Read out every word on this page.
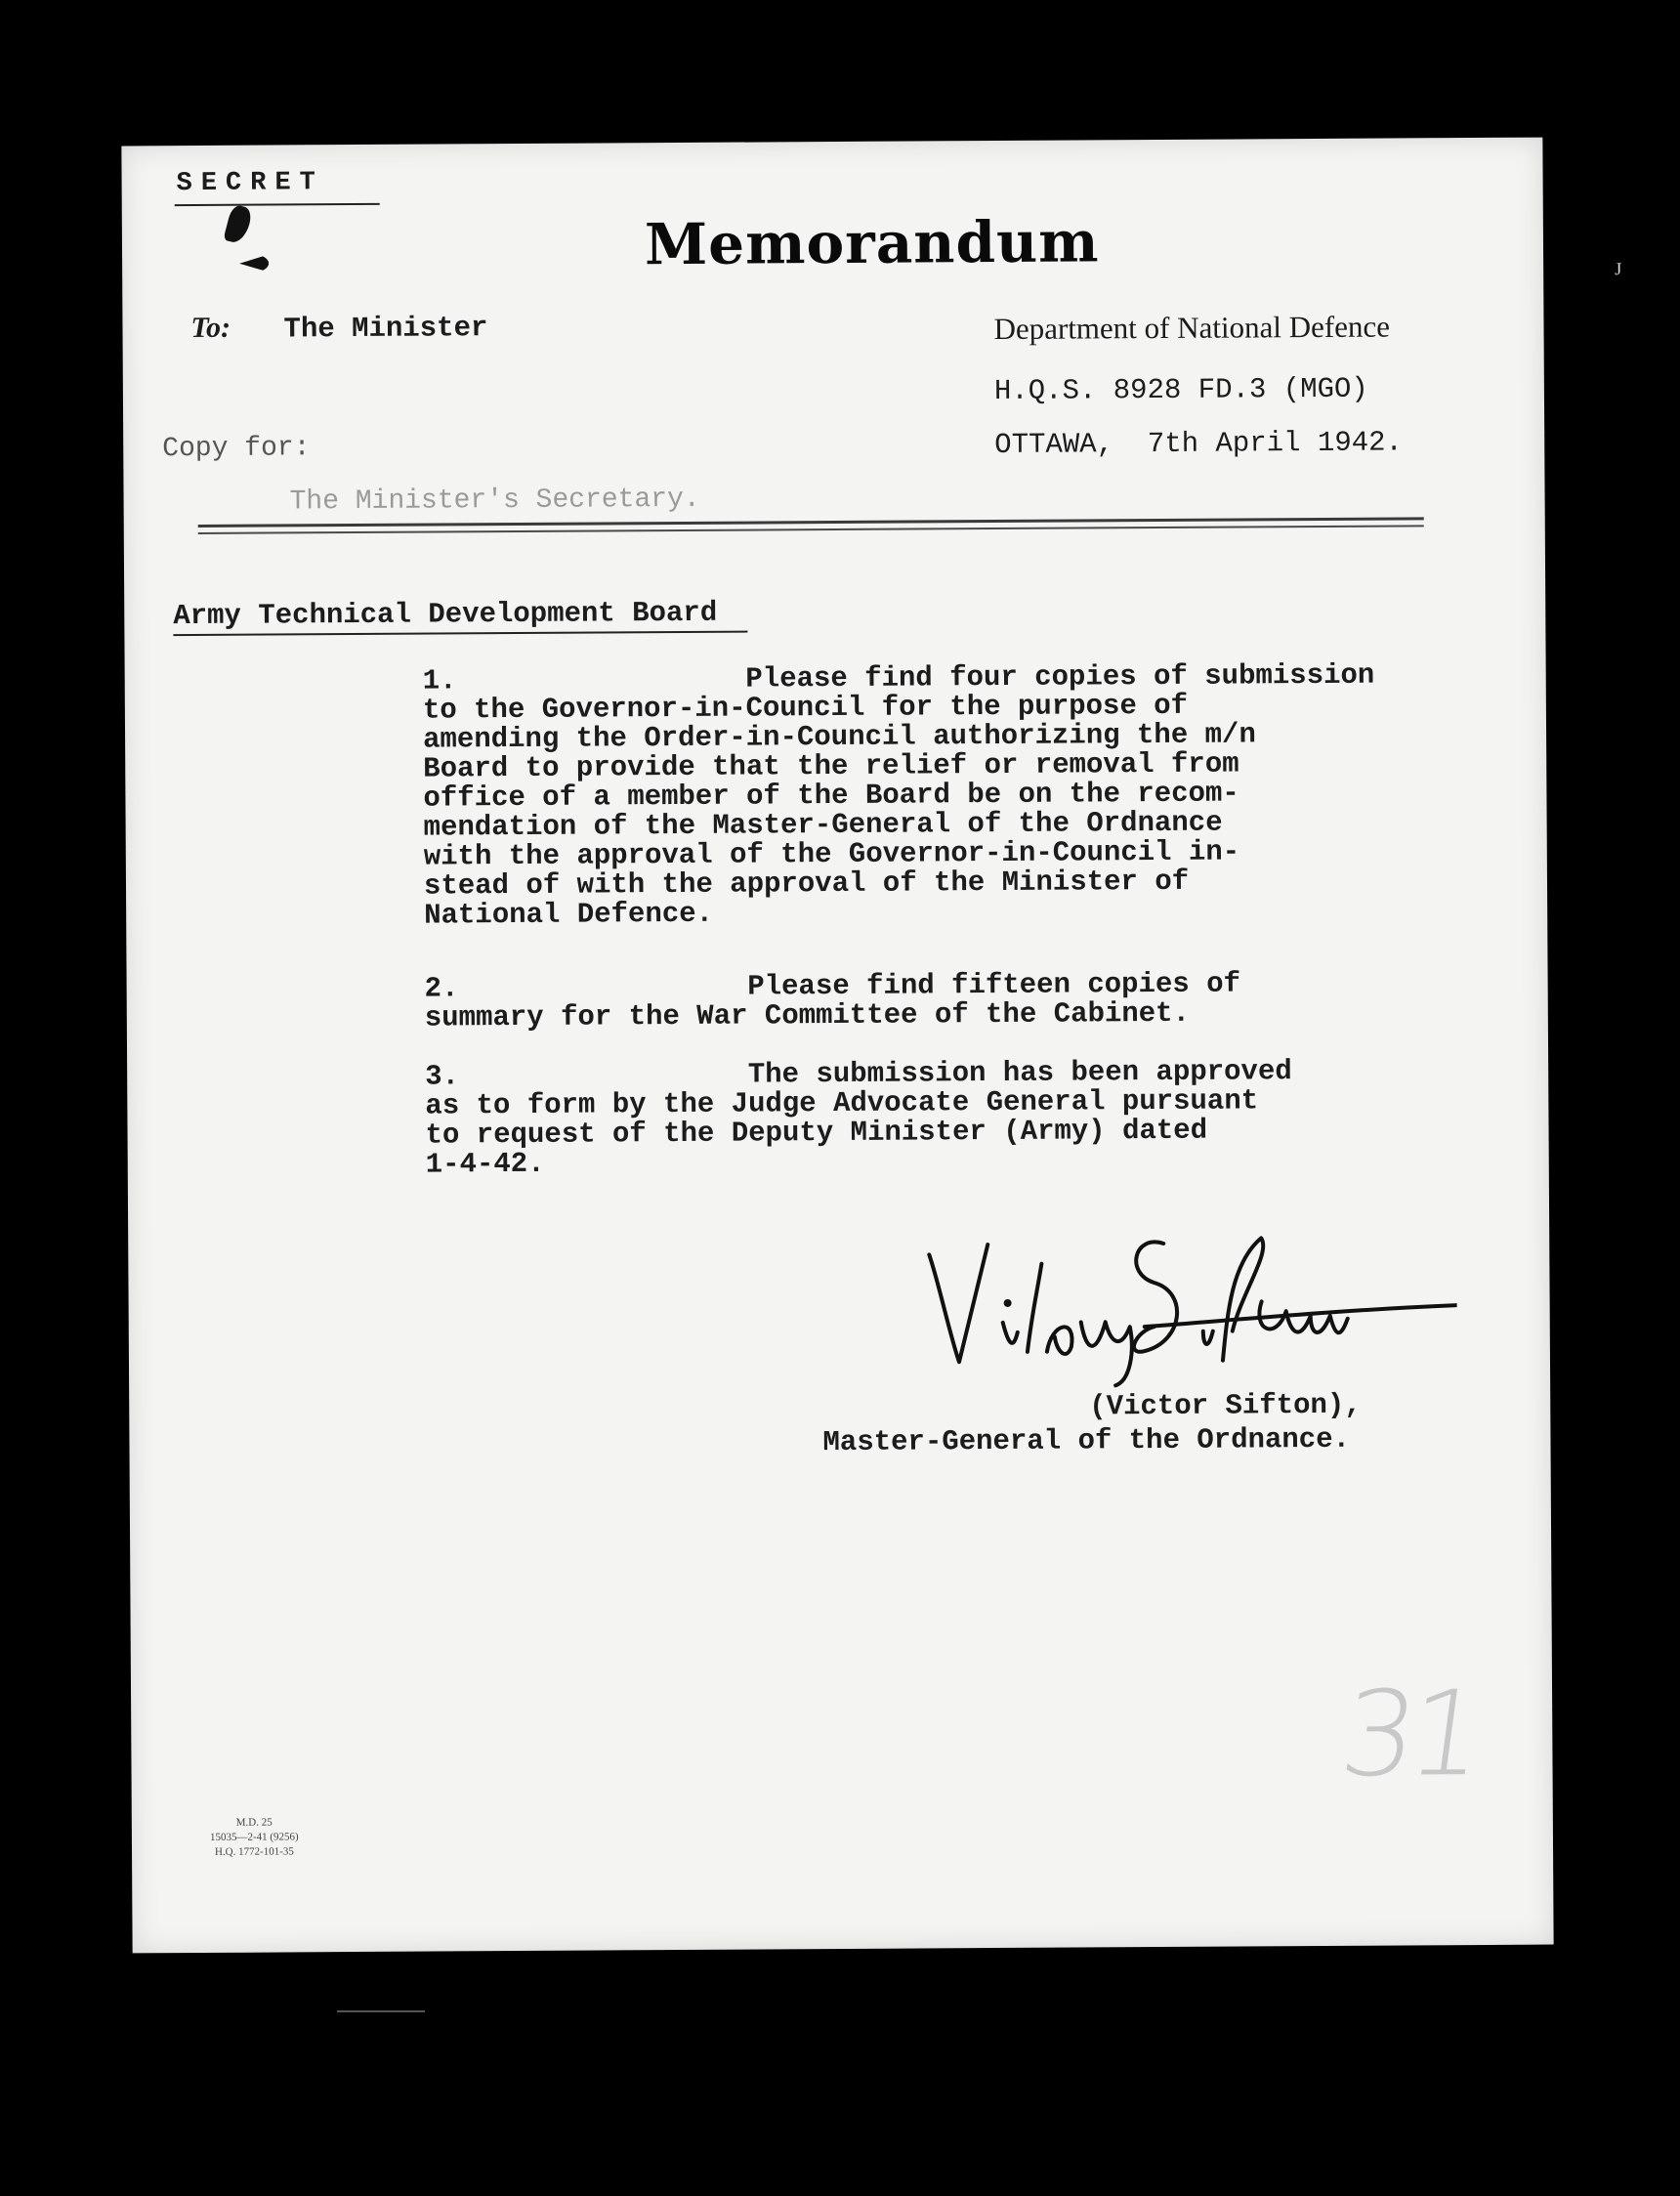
J
SECRET
Memorandum
To: The Minister	Department of National Defence
H.Q.S. 8928 FD.3 (MGO)
OTTAWA,  7th April 1942.
Copy for:
The Minister's Secretary.
Army Technical Development Board
1.                 Please find four copies of submission
to the Governor-in-Council for the purpose of
amending the Order-in-Council authorizing the m/n
Board to provide that the relief or removal from
office of a member of the Board be on the recom-
mendation of the Master-General of the Ordnance
with the approval of the Governor-in-Council in-
stead of with the approval of the Minister of
National Defence.
2.                 Please find fifteen copies of
summary for the War Committee of the Cabinet.
3.                 The submission has been approved
as to form by the Judge Advocate General pursuant
to request of the Deputy Minister (Army) dated
1-4-42.
(Victor Sifton),
Master-General of the Ordnance.
31
M.D. 25
15035—2-41 (9256)
H.Q. 1772-101-35
